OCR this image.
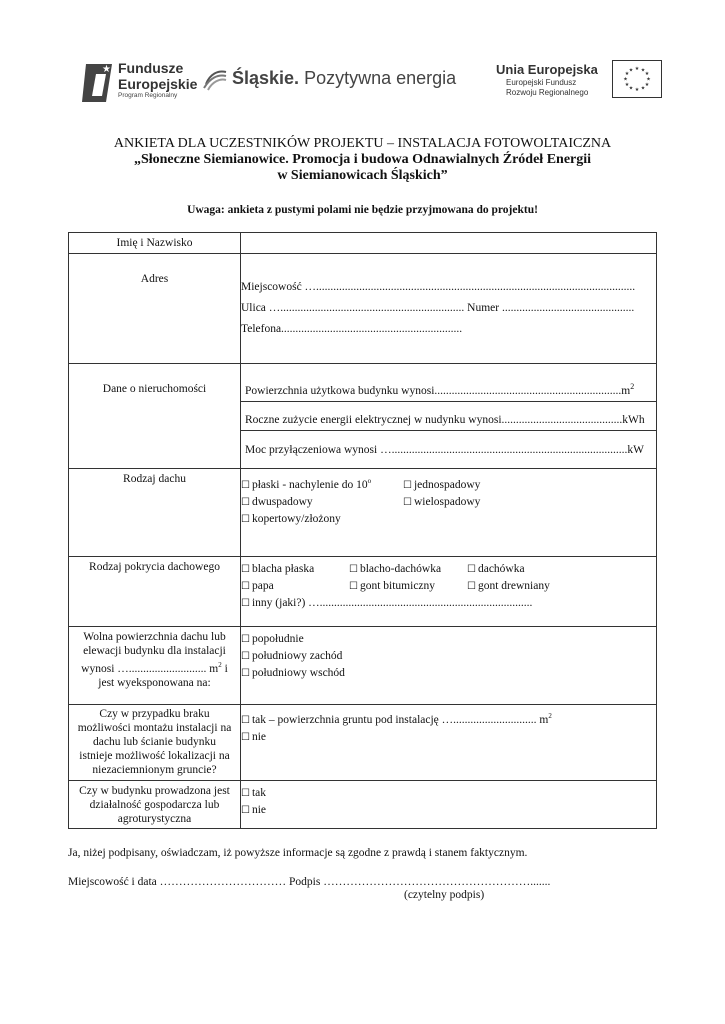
★ Fundusze
Europejskie
Program Regionalny
Śląskie. Pozytywna energia	Unia Europejska
Europejski Fundusz
Rozwoju Regionalnego
★ ★
★
★
★
★
★
★
★
★
★
★
ANKIETA DLA UCZESTNIKÓW PROJEKTU – INSTALACJA FOTOWOLTAICZNA

„Słoneczne Siemianowice. Promocja i budowa Odnawialnych Źródeł Energii
w Siemianowicach Śląskich”
Uwaga: ankieta z pustymi polami nie będzie przyjmowana do projektu!
Imię i Nazwisko	
Adres	Miejscowość …...............................................................................................................
Ulica …................................................................ Numer ..............................................
Telefona...............................................................

Dane o nieruchomości	Powierzchnia użytkowa budynku $wynosi.................................................................m^2$
Roczne zużycie energii elektrycznej w nudynku wynosi..........................................kWh
Moc przyłączeniowa wynosi …..................................................................................kW

Rodzaj dachu	☐ płaski - nachylenie do 10$^o$ ☐ jednospadowy
☐ dwuspadowy ☐ wielospadowy
☐ kopertowy/złożony
Rodzaj pokrycia dachowego	☐ blacha płaska ☐ blacho-dachówka ☐ dachówka
☐ papa ☐ gont bitumiczny ☐ gont drewniany
☐ inny (jaki?) …..........................................................................
Wolna powierzchnia dachu lub elewacji budynku dla instalacji wynosi …........................... $m^2$ i jest wyeksponowana na:	☐ popołudnie
☐ południowy zachód
☐ południowy wschód
Czy w przypadku braku możliwości montażu instalacji na dachu lub ścianie budynku istnieje możliwość lokalizacji na niezaciemnionym gruncie?	☐ tak – powierzchnia gruntu pod instalację …............................. $m^2$
☐ nie
Czy w budynku prowadzona jest działalność gospodarcza lub agroturystyczna	☐ tak
☐ nie
Ja, niżej podpisany, oświadczam, iż powyższe informacje są zgodne z prawdą i stanem faktycznym.
Miejscowość i data …………………………… Podpis ……………………………………………….......
(czytelny podpis)
